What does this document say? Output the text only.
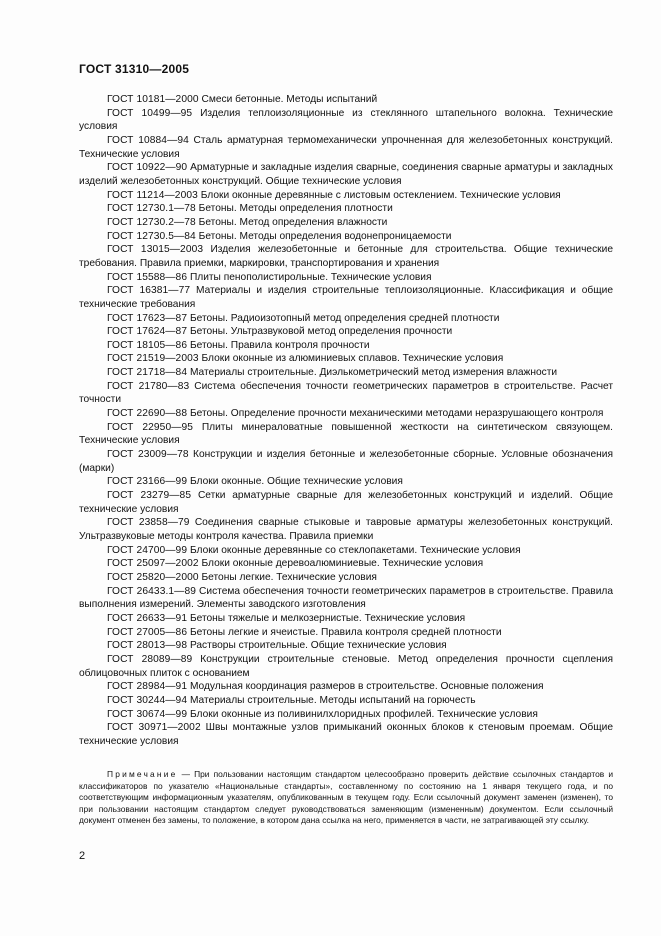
ГОСТ 31310—2005

ГОСТ 10181—2000 Смеси бетонные. Методы испытаний

ГОСТ 10499—95 Изделия теплоизоляционные из стеклянного штапельного волокна. Технические условия

ГОСТ 10884—94 Сталь арматурная термомеханически упрочненная для железобетонных конструкций. Технические условия

ГОСТ 10922—90 Арматурные и закладные изделия сварные, соединения сварные арматуры и закладных изделий железобетонных конструкций. Общие технические условия

ГОСТ 11214—2003 Блоки оконные деревянные с листовым остеклением. Технические условия

ГОСТ 12730.1—78 Бетоны. Методы определения плотности

ГОСТ 12730.2—78 Бетоны. Метод определения влажности

ГОСТ 12730.5—84 Бетоны. Методы определения водонепроницаемости

ГОСТ 13015—2003 Изделия железобетонные и бетонные для строительства. Общие технические требования. Правила приемки, маркировки, транспортирования и хранения

ГОСТ 15588—86 Плиты пенополистирольные. Технические условия

ГОСТ 16381—77 Материалы и изделия строительные теплоизоляционные. Классификация и общие технические требования

ГОСТ 17623—87 Бетоны. Радиоизотопный метод определения средней плотности

ГОСТ 17624—87 Бетоны. Ультразвуковой метод определения прочности

ГОСТ 18105—86 Бетоны. Правила контроля прочности

ГОСТ 21519—2003 Блоки оконные из алюминиевых сплавов. Технические условия

ГОСТ 21718—84 Материалы строительные. Диэлькометрический метод измерения влажности

ГОСТ 21780—83 Система обеспечения точности геометрических параметров в строительстве. Расчет точности

ГОСТ 22690—88 Бетоны. Определение прочности механическими методами неразрушающего контроля

ГОСТ 22950—95 Плиты минераловатные повышенной жесткости на синтетическом связующем. Технические условия

ГОСТ 23009—78 Конструкции и изделия бетонные и железобетонные сборные. Условные обозначения (марки)

ГОСТ 23166—99 Блоки оконные. Общие технические условия

ГОСТ 23279—85 Сетки арматурные сварные для железобетонных конструкций и изделий. Общие технические условия

ГОСТ 23858—79 Соединения сварные стыковые и тавровые арматуры железобетонных конструкций. Ультразвуковые методы контроля качества. Правила приемки

ГОСТ 24700—99 Блоки оконные деревянные со стеклопакетами. Технические условия

ГОСТ 25097—2002 Блоки оконные деревоалюминиевые. Технические условия

ГОСТ 25820—2000 Бетоны легкие. Технические условия

ГОСТ 26433.1—89 Система обеспечения точности геометрических параметров в строительстве. Правила выполнения измерений. Элементы заводского изготовления

ГОСТ 26633—91 Бетоны тяжелые и мелкозернистые. Технические условия

ГОСТ 27005—86 Бетоны легкие и ячеистые. Правила контроля средней плотности

ГОСТ 28013—98 Растворы строительные. Общие технические условия

ГОСТ 28089—89 Конструкции строительные стеновые. Метод определения прочности сцепления облицовочных плиток с основанием

ГОСТ 28984—91 Модульная координация размеров в строительстве. Основные положения

ГОСТ 30244—94 Материалы строительные. Методы испытаний на горючесть

ГОСТ 30674—99 Блоки оконные из поливинилхлоридных профилей. Технические условия

ГОСТ 30971—2002 Швы монтажные узлов примыканий оконных блоков к стеновым проемам. Общие технические условия

Примечание — При пользовании настоящим стандартом целесообразно проверить действие ссылочных стандартов и классификаторов по указателю «Национальные стандарты», составленному по состоянию на 1 января текущего года, и по соответствующим информационным указателям, опубликованным в текущем году. Если ссылочный документ заменен (изменен), то при пользовании настоящим стандартом следует руководствоваться заменяющим (измененным) документом. Если ссылочный документ отменен без замены, то положение, в котором дана ссылка на него, применяется в части, не затрагивающей эту ссылку.

2
